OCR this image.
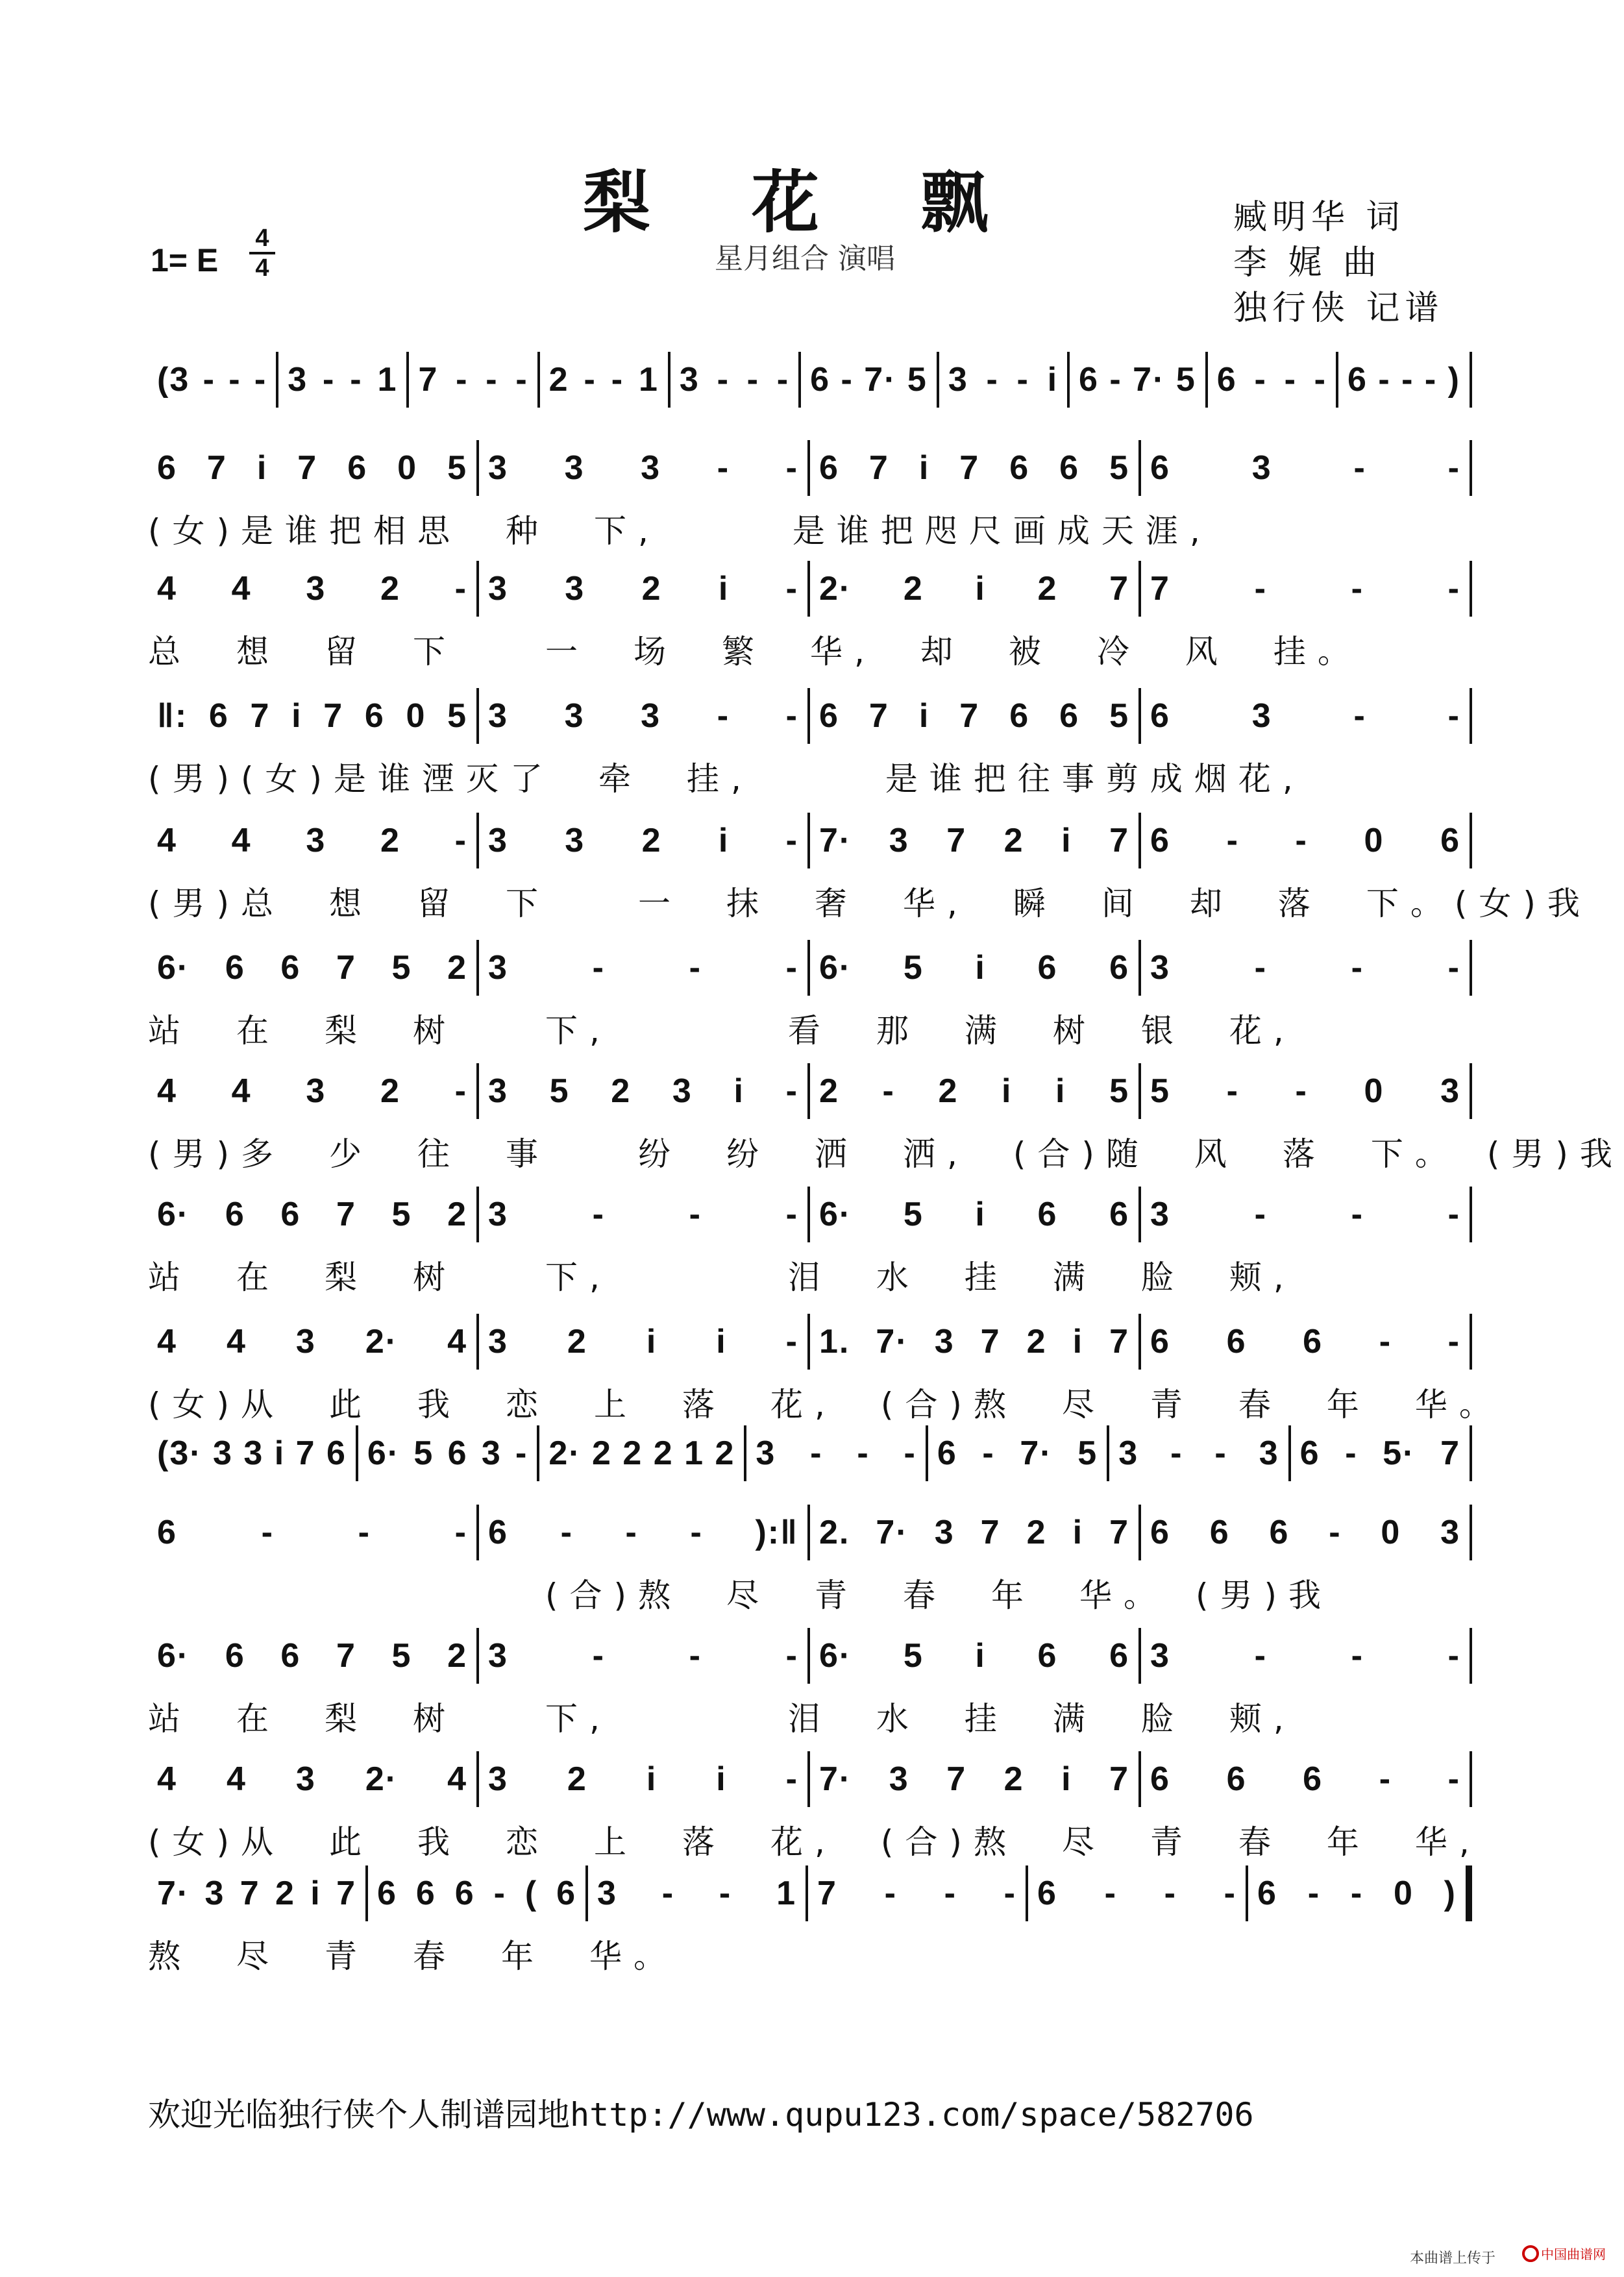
梨 花 飘
星月组合 演唱
1= E
4
4
臧明华 词
李 娓 曲
独行侠 记谱
(3 - - - 3 - - 1 7 - - - 2 - - 1 3 - - - 6 - 7· 5 3 - - i 6 - 7· 5 6 - - - 6 - - - )
6 7 i 7 6 0 5 3 3 3 - - 6 7 i 7 6 6 5 6 3 - -
(女)是谁把相思　种　下,　　　是谁把咫尺画成天涯,
4 4 3 2 - 3 3 2 i - 2· 2 i 2 7 7 - - -
总　想　留　下　　一　场　繁　华,　却　被　冷　风　挂。
‖: 6 7 i 7 6 0 5 3 3 3 - - 6 7 i 7 6 6 5 6 3 - -
(男)(女)是谁湮灭了　牵　挂,　　　是谁把往事剪成烟花,
4 4 3 2 - 3 3 2 i - 7· 3 7 2 i 7 6 - - 0 6
(男)总　想　留　下　　一　抹　奢　华,　瞬　间　却　落　下。(女)我
6· 6 6 7 5 2 3 - - - 6· 5 i 6 6 3 - - -
站　在　梨　树　　下,　　　　看　那　满　树　银　花,
4 4 3 2 - 3 5 2 3 i - 2 - 2 i i 5 5 - - 0 3
(男)多　少　往　事　　纷　纷　洒　洒,　(合)随　风　落　下。　(男)我
6· 6 6 7 5 2 3 - - - 6· 5 i 6 6 3 - - -
站　在　梨　树　　下,　　　　泪　水　挂　满　脸　颊,
4 4 3 2· 4 3 2 i i - 1. 7· 3 7 2 i 7 6 6 6 - -
(女)从　此　我　恋　上　落　花,　(合)熬　尽　青　春　年　华。
(3· 3 3 i 7 6 6· 5 6 3 - 2· 2 2 2 1 2 3 - - - 6 - 7· 5 3 - - 3 6 - 5· 7
6 - - - 6 - - - ):‖ 2. 7· 3 7 2 i 7 6 6 6 - 0 3
　　　　　　　　　(合)熬　尽　青　春　年　华。　(男)我
6· 6 6 7 5 2 3 - - - 6· 5 i 6 6 3 - - -
站　在　梨　树　　下,　　　　泪　水　挂　满　脸　颊,
4 4 3 2· 4 3 2 i i - 7· 3 7 2 i 7 6 6 6 - -
(女)从　此　我　恋　上　落　花,　(合)熬　尽　青　春　年　华,
7· 3 7 2 i 7 6 6 6 - ( 6 3 - - 1 7 - - - 6 - - - 6 - - 0 )
熬　尽　青　春　年　华。
欢迎光临独行侠个人制谱园地http://www.qupu123.com/space/582706
本曲谱上传于	中国曲谱网
